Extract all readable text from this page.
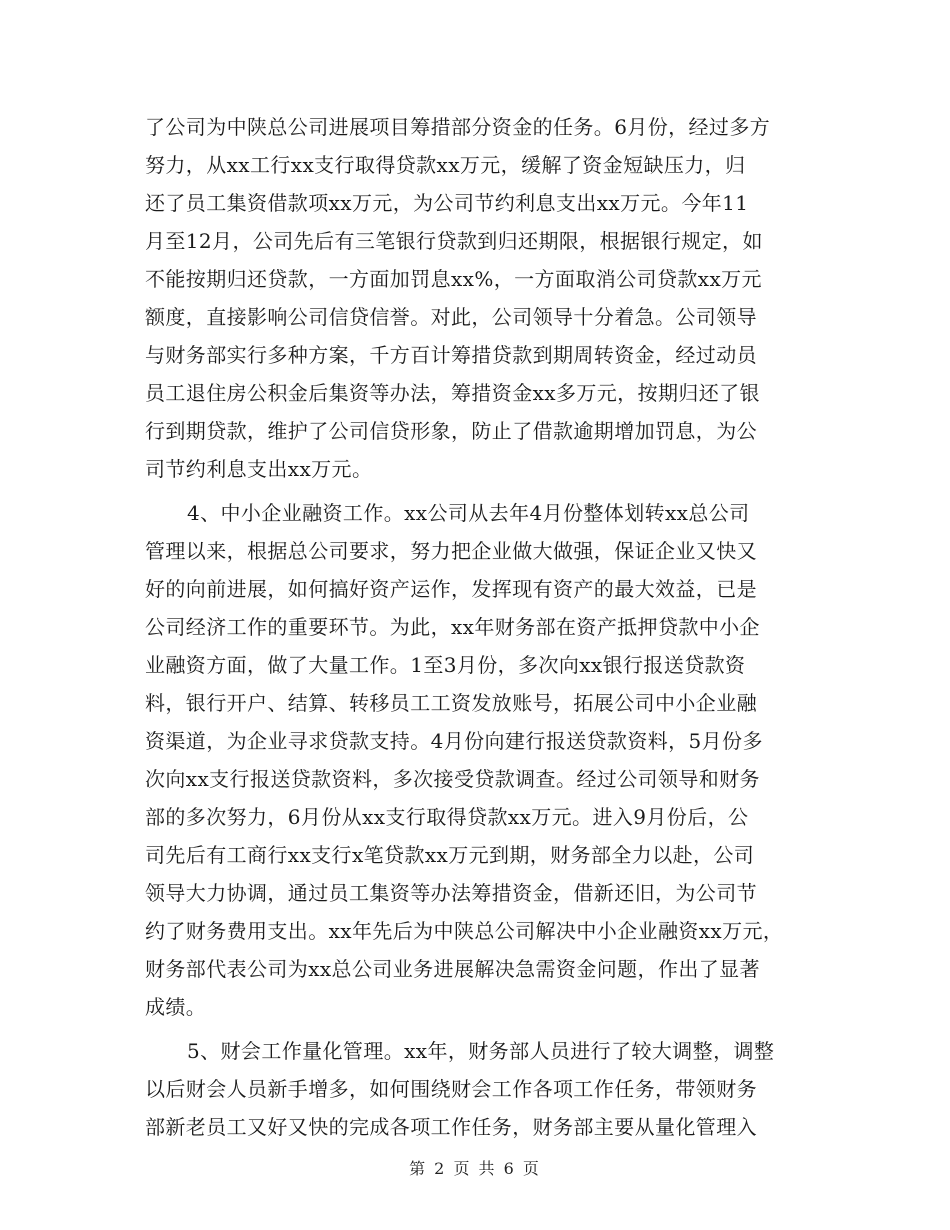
了公司为中陕总公司进展项目筹措部分资金的任务。6月份，经过多方
努力，从xx工行xx支行取得贷款xx万元，缓解了资金短缺压力，归
还了员工集资借款项xx万元，为公司节约利息支出xx万元。今年11
月至12月，公司先后有三笔银行贷款到归还期限，根据银行规定，如
不能按期归还贷款，一方面加罚息xx%，一方面取消公司贷款xx万元
额度，直接影响公司信贷信誉。对此，公司领导十分着急。公司领导
与财务部实行多种方案，千方百计筹措贷款到期周转资金，经过动员
员工退住房公积金后集资等办法，筹措资金xx多万元，按期归还了银
行到期贷款，维护了公司信贷形象，防止了借款逾期增加罚息，为公
司节约利息支出xx万元。
4、中小企业融资工作。xx公司从去年4月份整体划转xx总公司
管理以来，根据总公司要求，努力把企业做大做强，保证企业又快又
好的向前进展，如何搞好资产运作，发挥现有资产的最大效益，已是
公司经济工作的重要环节。为此，xx年财务部在资产抵押贷款中小企
业融资方面，做了大量工作。1至3月份，多次向xx银行报送贷款资
料，银行开户、结算、转移员工工资发放账号，拓展公司中小企业融
资渠道，为企业寻求贷款支持。4月份向建行报送贷款资料，5月份多
次向xx支行报送贷款资料，多次接受贷款调查。经过公司领导和财务
部的多次努力，6月份从xx支行取得贷款xx万元。进入9月份后，公
司先后有工商行xx支行x笔贷款xx万元到期，财务部全力以赴，公司
领导大力协调，通过员工集资等办法筹措资金，借新还旧，为公司节
约了财务费用支出。xx年先后为中陕总公司解决中小企业融资xx万元，
财务部代表公司为xx总公司业务进展解决急需资金问题，作出了显著
成绩。
5、财会工作量化管理。xx年，财务部人员进行了较大调整，调整
以后财会人员新手增多，如何围绕财会工作各项工作任务，带领财务
部新老员工又好又快的完成各项工作任务，财务部主要从量化管理入
第 2 页 共 6 页
